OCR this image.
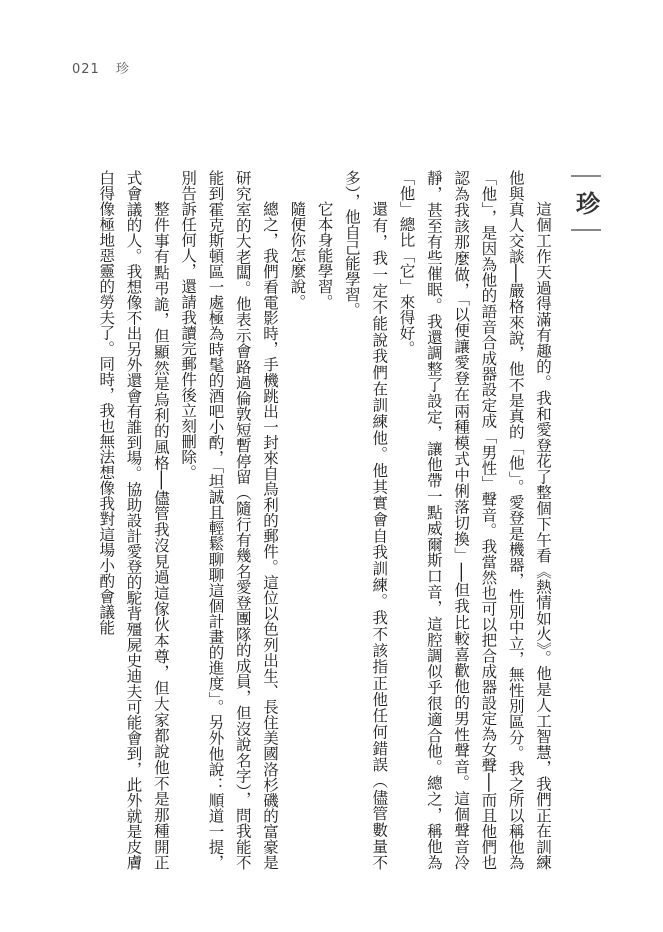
021 珍
珍

這個工作天過得滿有趣的。我和愛登花了整個下午看《熱情如火》。他是人工智慧，我們正在訓練他與真人交談──嚴格來說，他不是真的「他」。愛登是機器，性別中立，無性別區分。我之所以稱他為「他」，是因為他的語音合成器設定成「男性」聲音。我當然也可以把合成器設定為女聲──而且他們也認為我該那麼做，「以便讓愛登在兩種模式中俐落切換」──但我比較喜歡他的男性聲音。這個聲音冷靜，甚至有些催眠。我還調整了設定，讓他帶一點威爾斯口音，這腔調似乎很適合他。總之，稱他為「他」總比「它」來得好。

還有，我一定不能說我們在訓練他。他其實會自我訓練。我不該指正他任何錯誤（儘管數量不多），他自己能學習。

它本身能學習。

隨便你怎麼說。

總之，我們看電影時，手機跳出一封來自烏利的郵件。這位以色列出生、長住美國洛杉磯的富豪是研究室的大老闆。他表示會路過倫敦短暫停留（隨行有幾名愛登團隊的成員，但沒說名字），問我能不能到霍克斯頓區一處極為時髦的酒吧小酌，「坦誠且輕鬆聊聊這個計畫的進度」。另外他說：順道一提，別告訴任何人，還請我讀完郵件後立刻刪除。

整件事有點弔詭，但顯然是烏利的風格──儘管我沒見過這傢伙本尊，但大家都說他不是那種開正式會議的人。我想像不出另外還會有誰到場。協助設計愛登的駝背殭屍史迪夫可能會到，此外就是皮膚白得像極地惡靈的勞夫了。同時，我也無法想像我對這場小酌會議能
